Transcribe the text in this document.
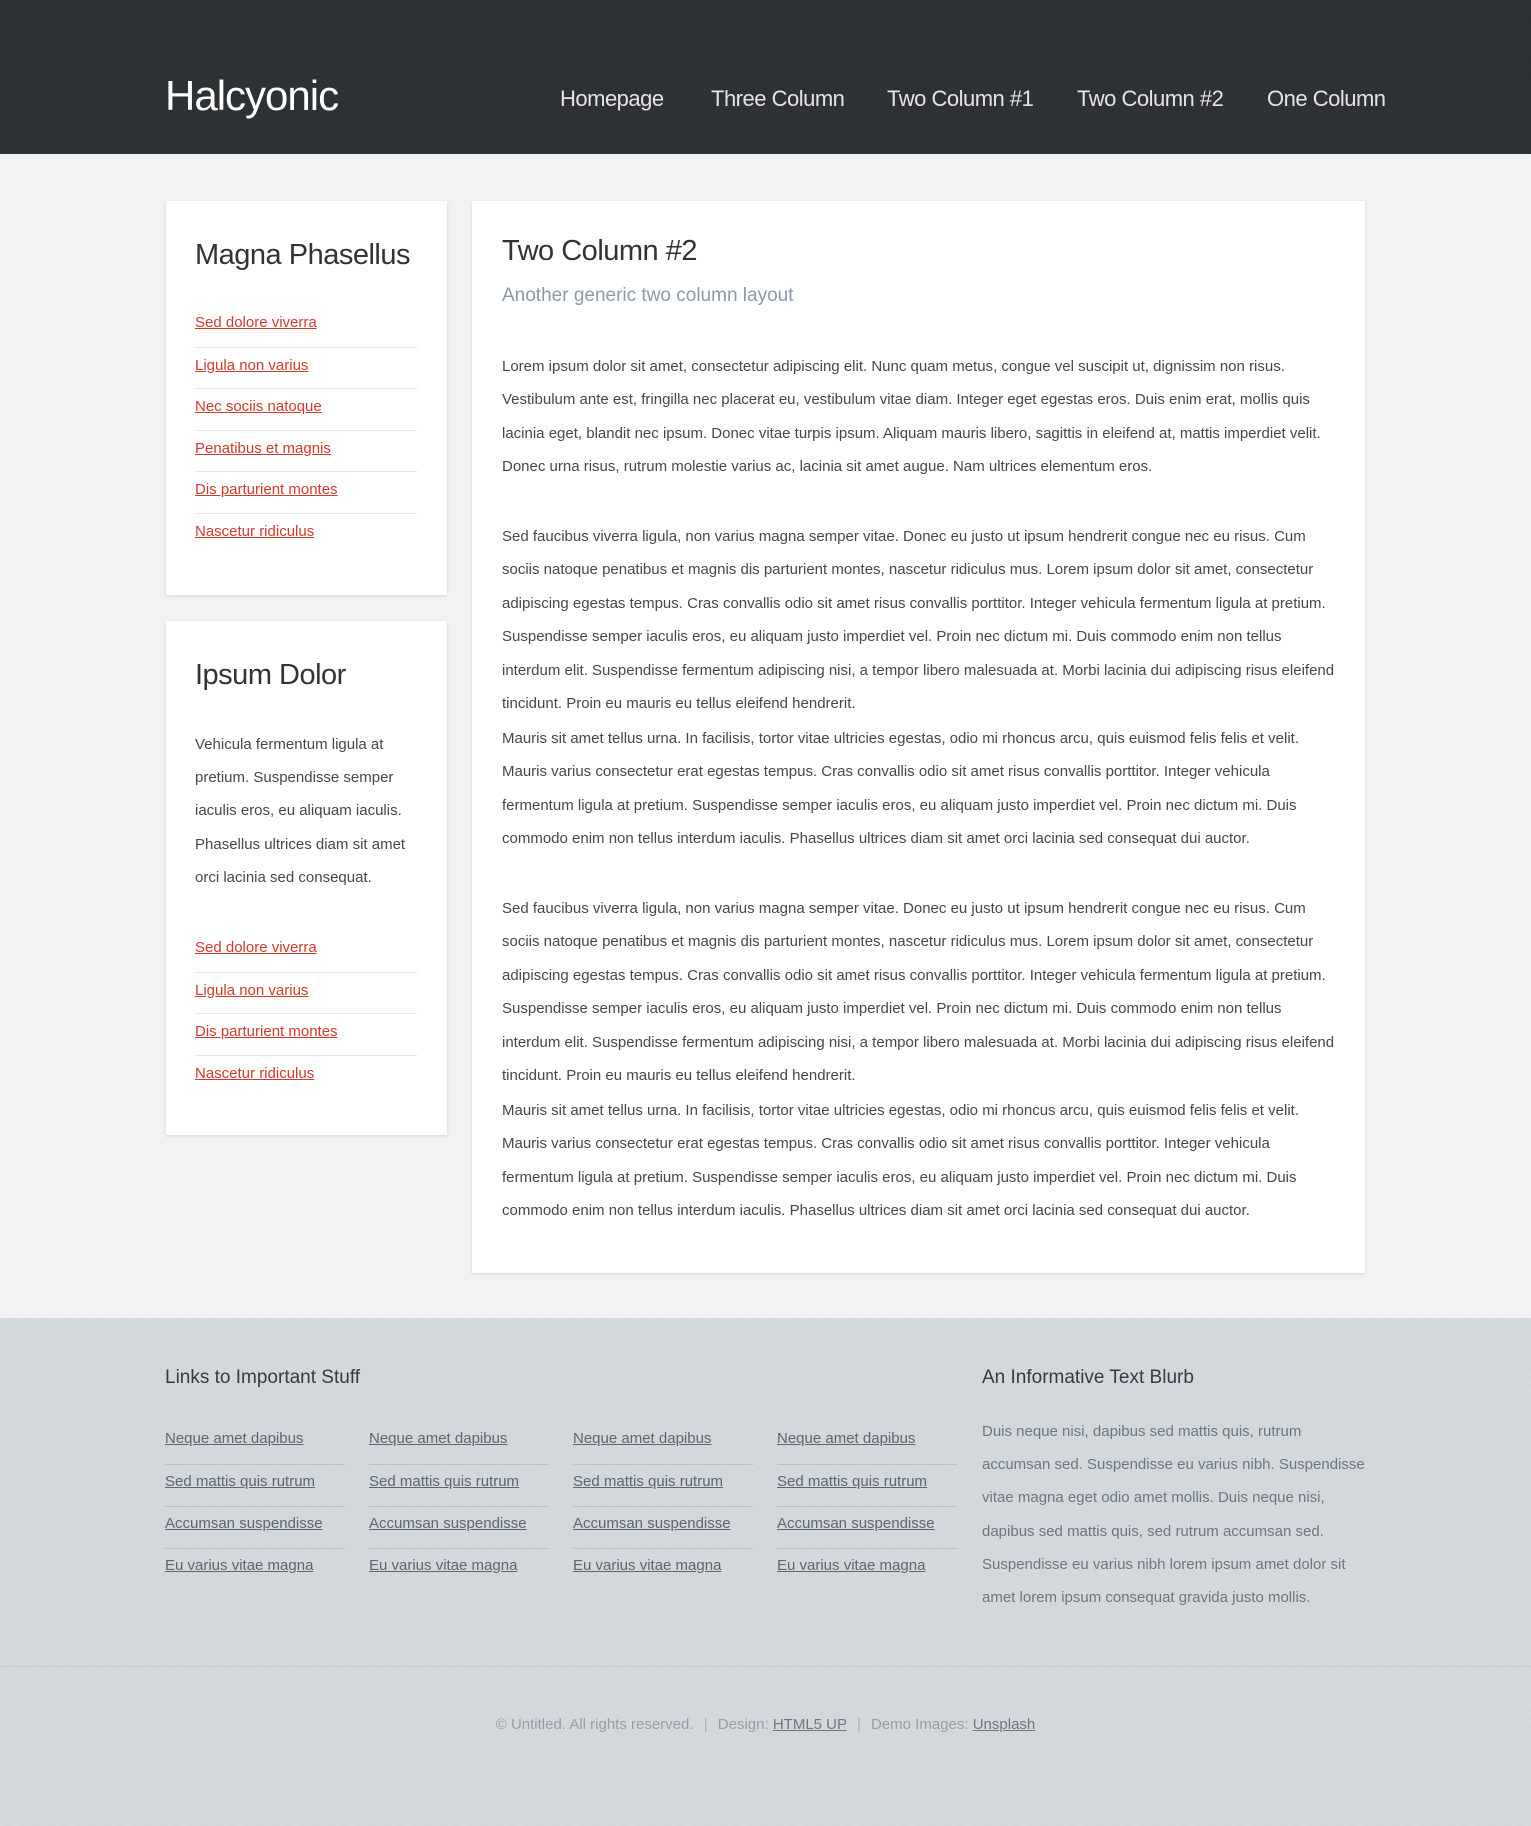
Halcyonic	Homepage Three Column Two Column #1 Two Column #2 One Column
Magna Phasellus
Sed dolore viverra
Ligula non varius
Nec sociis natoque
Penatibus et magnis
Dis parturient montes
Nascetur ridiculus
Ipsum Dolor

Vehicula fermentum ligula at pretium. Suspendisse semper iaculis eros, eu aliquam iaculis. Phasellus ultrices diam sit amet orci lacinia sed consequat.

Sed dolore viverra
Ligula non varius
Dis parturient montes
Nascetur ridiculus
Two Column #2

Another generic two column layout

Lorem ipsum dolor sit amet, consectetur adipiscing elit. Nunc quam metus, congue vel suscipit ut, dignissim non risus. Vestibulum ante est, fringilla nec placerat eu, vestibulum vitae diam. Integer eget egestas eros. Duis enim erat, mollis quis lacinia eget, blandit nec ipsum. Donec vitae turpis ipsum. Aliquam mauris libero, sagittis in eleifend at, mattis imperdiet velit. Donec urna risus, rutrum molestie varius ac, lacinia sit amet augue. Nam ultrices elementum eros.

Sed faucibus viverra ligula, non varius magna semper vitae. Donec eu justo ut ipsum hendrerit congue nec eu risus. Cum sociis natoque penatibus et magnis dis parturient montes, nascetur ridiculus mus. Lorem ipsum dolor sit amet, consectetur adipiscing egestas tempus. Cras convallis odio sit amet risus convallis porttitor. Integer vehicula fermentum ligula at pretium. Suspendisse semper iaculis eros, eu aliquam justo imperdiet vel. Proin nec dictum mi. Duis commodo enim non tellus interdum elit. Suspendisse fermentum adipiscing nisi, a tempor libero malesuada at. Morbi lacinia dui adipiscing risus eleifend tincidunt. Proin eu mauris eu tellus eleifend hendrerit.

Mauris sit amet tellus urna. In facilisis, tortor vitae ultricies egestas, odio mi rhoncus arcu, quis euismod felis felis et velit. Mauris varius consectetur erat egestas tempus. Cras convallis odio sit amet risus convallis porttitor. Integer vehicula fermentum ligula at pretium. Suspendisse semper iaculis eros, eu aliquam justo imperdiet vel. Proin nec dictum mi. Duis commodo enim non tellus interdum iaculis. Phasellus ultrices diam sit amet orci lacinia sed consequat dui auctor.

Sed faucibus viverra ligula, non varius magna semper vitae. Donec eu justo ut ipsum hendrerit congue nec eu risus. Cum sociis natoque penatibus et magnis dis parturient montes, nascetur ridiculus mus. Lorem ipsum dolor sit amet, consectetur adipiscing egestas tempus. Cras convallis odio sit amet risus convallis porttitor. Integer vehicula fermentum ligula at pretium. Suspendisse semper iaculis eros, eu aliquam justo imperdiet vel. Proin nec dictum mi. Duis commodo enim non tellus interdum elit. Suspendisse fermentum adipiscing nisi, a tempor libero malesuada at. Morbi lacinia dui adipiscing risus eleifend tincidunt. Proin eu mauris eu tellus eleifend hendrerit.

Mauris sit amet tellus urna. In facilisis, tortor vitae ultricies egestas, odio mi rhoncus arcu, quis euismod felis felis et velit. Mauris varius consectetur erat egestas tempus. Cras convallis odio sit amet risus convallis porttitor. Integer vehicula fermentum ligula at pretium. Suspendisse semper iaculis eros, eu aliquam justo imperdiet vel. Proin nec dictum mi. Duis commodo enim non tellus interdum iaculis. Phasellus ultrices diam sit amet orci lacinia sed consequat dui auctor.

Links to Important Stuff
Neque amet dapibus
Sed mattis quis rutrum
Accumsan suspendisse
Eu varius vitae magna
Neque amet dapibus
Sed mattis quis rutrum
Accumsan suspendisse
Eu varius vitae magna
Neque amet dapibus
Sed mattis quis rutrum
Accumsan suspendisse
Eu varius vitae magna
Neque amet dapibus
Sed mattis quis rutrum
Accumsan suspendisse
Eu varius vitae magna
An Informative Text Blurb

Duis neque nisi, dapibus sed mattis quis, rutrum accumsan sed. Suspendisse eu varius nibh. Suspendisse vitae magna eget odio amet mollis. Duis neque nisi, dapibus sed mattis quis, sed rutrum accumsan sed. Suspendisse eu varius nibh lorem ipsum amet dolor sit amet lorem ipsum consequat gravida justo mollis.

© Untitled. All rights reserved. | Design: HTML5 UP | Demo Images: Unsplash
